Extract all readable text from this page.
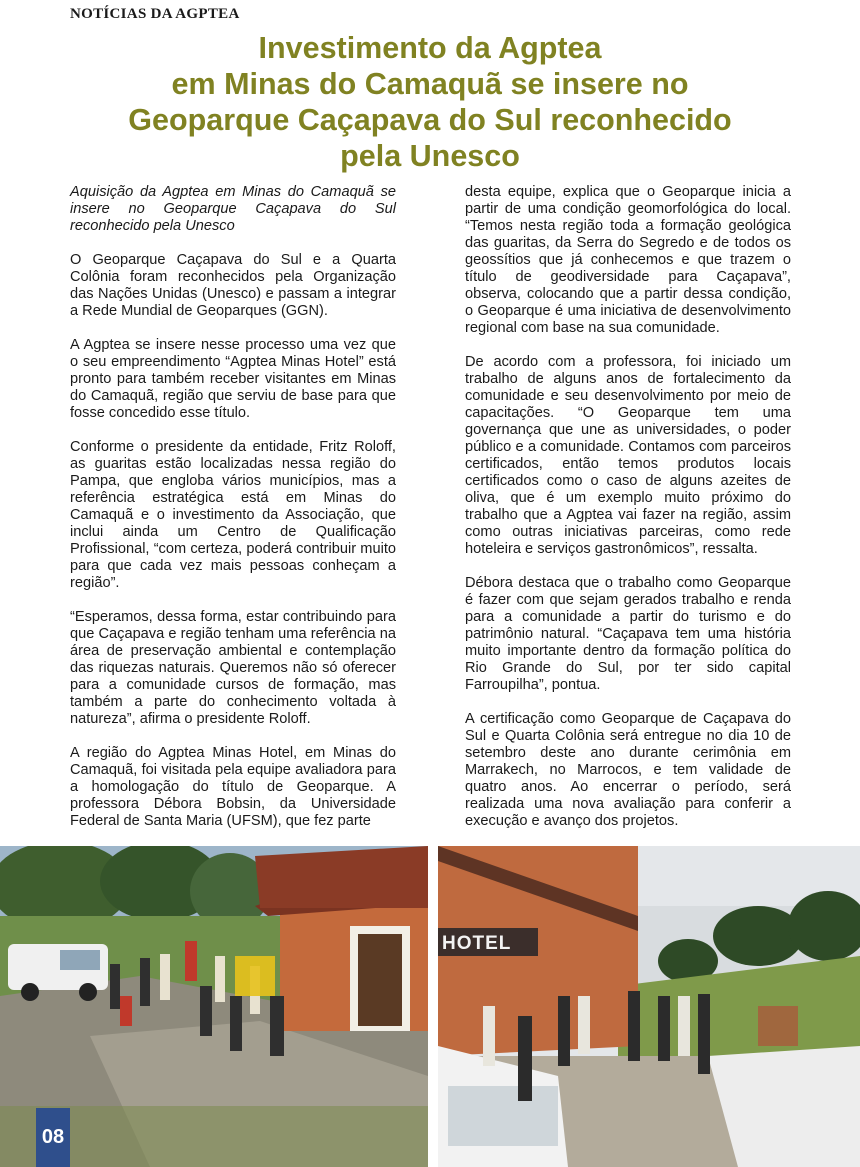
NOTÍCIAS DA AGPTEA
Investimento da Agptea
em Minas do Camaquã se insere no
Geoparque Caçapava do Sul reconhecido
pela Unesco

Aquisição da Agptea em Minas do Camaquã se insere no Geoparque Caçapava do Sul reconhecido pela Unesco

O Geoparque Caçapava do Sul e a Quarta Colônia foram reconhecidos pela Organização das Nações Unidas (Unesco) e passam a integrar a Rede Mundial de Geoparques (GGN).

A Agptea se insere nesse processo uma vez que o seu empreendimento “Agptea Minas Hotel” está pronto para também receber visitantes em Minas do Camaquã, região que serviu de base para que fosse concedido esse título.

Conforme o presidente da entidade, Fritz Roloff, as guaritas estão localizadas nessa região do Pampa, que engloba vários municípios, mas a referência estratégica está em Minas do Camaquã e o investimento da Associação, que inclui ainda um Centro de Qualificação Profissional, “com certeza, poderá contribuir muito para que cada vez mais pessoas conheçam a região”.

“Esperamos, dessa forma, estar contribuindo para que Caçapava e região tenham uma referência na área de preservação ambiental e contemplação das riquezas naturais. Queremos não só oferecer para a comunidade cursos de formação, mas também a parte do conhecimento voltada à natureza”, afirma o presidente Roloff.

A região do Agptea Minas Hotel, em Minas do Camaquã, foi visitada pela equipe avaliadora para a homologação do título de Geoparque. A professora Débora Bobsin, da Universidade Federal de Santa Maria (UFSM), que fez parte

desta equipe, explica que o Geoparque inicia a partir de uma condição geomorfológica do local. “Temos nesta região toda a formação geológica das guaritas, da Serra do Segredo e de todos os geossítios que já conhecemos e que trazem o título de geodiversidade para Caçapava”, observa, colocando que a partir dessa condição, o Geoparque é uma iniciativa de desenvolvimento regional com base na sua comunidade.

De acordo com a professora, foi iniciado um trabalho de alguns anos de fortalecimento da comunidade e seu desenvolvimento por meio de capacitações. “O Geoparque tem uma governança que une as universidades, o poder público e a comunidade. Contamos com parceiros certificados, então temos produtos locais certificados como o caso de alguns azeites de oliva, que é um exemplo muito próximo do trabalho que a Agptea vai fazer na região, assim como outras iniciativas parceiras, como rede hoteleira e serviços gastronômicos”, ressalta.

Débora destaca que o trabalho como Geoparque é fazer com que sejam gerados trabalho e renda para a comunidade a partir do turismo e do patrimônio natural. “Caçapava tem uma história muito importante dentro da formação política do Rio Grande do Sul, por ter sido capital Farroupilha”, pontua.

A certificação como Geoparque de Caçapava do Sul e Quarta Colônia será entregue no dia 10 de setembro deste ano durante cerimônia em Marrakech, no Marrocos, e tem validade de quatro anos. Ao encerrar o período, será realizada uma nova avaliação para conferir a execução e avanço dos projetos.

HOTEL
08
